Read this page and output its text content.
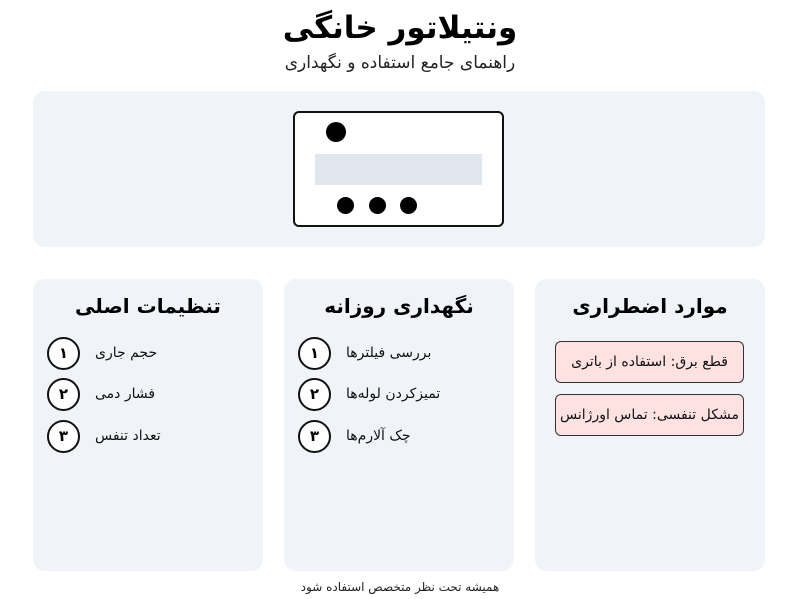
ونتیلاتور خانگی
راهنمای جامع استفاده و نگهداری
تنظیمات اصلی
۱	حجم جاری
۲	فشار دمی
۳	تعداد تنفس
نگهداری روزانه
۱	بررسی فیلترها
۲	تمیزکردن لوله‌ها
۳	چک آلارم‌ها
موارد اضطراری
قطع برق: استفاده از باتری
مشکل تنفسی: تماس اورژانس
همیشه تحت نظر متخصص استفاده شود
